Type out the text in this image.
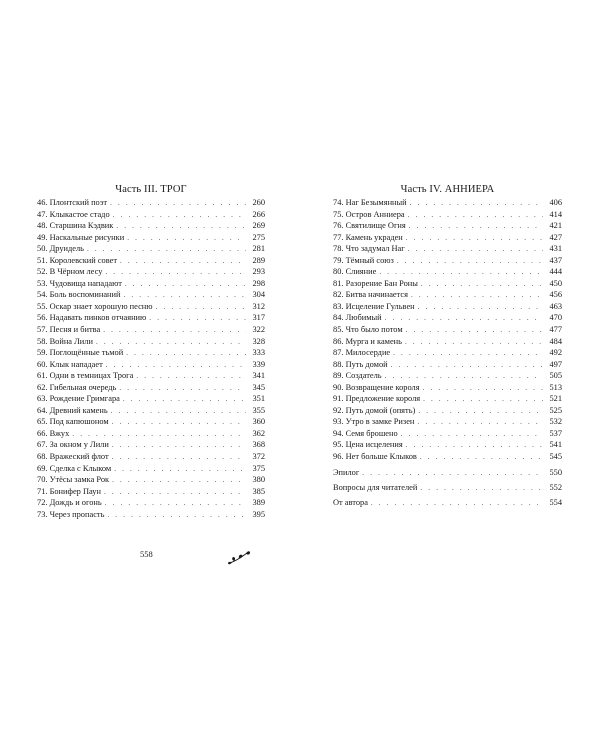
Часть III. ТРОГ
46. Плонтский поэт . . .	260
47. Клыкастое стадо . . .	266
48. Старшина Кэдвик . . .	269
49. Наскальные рисунки . . .	275
50. Друидель . . .	281
51. Королевский совет . . .	289
52. В Чёрном лесу . . .	293
53. Чудовища нападают . . .	298
54. Боль воспоминаний . . .	304
55. Оскар знает хорошую песню . . .	312
56. Надавать пинков отчаянию . . .	317
57. Песня и битва . . .	322
58. Война Лили . . .	328
59. Поглощённые тьмой . . .	333
60. Клык нападает . . .	339
61. Одни в темницах Трога . . .	341
62. Гибельная очередь . . .	345
63. Рождение Гримгара . . .	351
64. Древний камень . . .	355
65. Под капюшоном . . .	360
66. Вжух . . .	362
67. За окном у Лили . . .	368
68. Вражеский флот . . .	372
69. Сделка с Клыком . . .	375
70. Утёсы замка Рок . . .	380
71. Бонифер Паун . . .	385
72. Дождь и огонь . . .	389
73. Через пропасть . . .	395
Часть IV. АННИЕРА
74. Наг Безымянный . . .	406
75. Остров Анниера . . .	414
76. Святилище Огня . . .	421
77. Камень украден . . .	427
78. Что задумал Наг . . .	431
79. Тёмный союз . . .	437
80. Слияние . . .	444
81. Разорение Бан Роны . . .	450
82. Битва начинается . . .	456
83. Исцеление Гульвен . . .	463
84. Любимый . . .	470
85. Что было потом . . .	477
86. Мурга и камень . . .	484
87. Милосердие . . .	492
88. Путь домой . . .	497
89. Создатель . . .	505
90. Возвращение короля . . .	513
91. Предложение короля . . .	521
92. Путь домой (опять) . . .	525
93. Утро в замке Ризен . . .	532
94. Семя брошено . . .	537
95. Цена исцеления . . .	541
96. Нет больше Клыков . . .	545
Эпилог . . .	550
Вопросы для читателей . . .	552
От автора . . .	554
558
